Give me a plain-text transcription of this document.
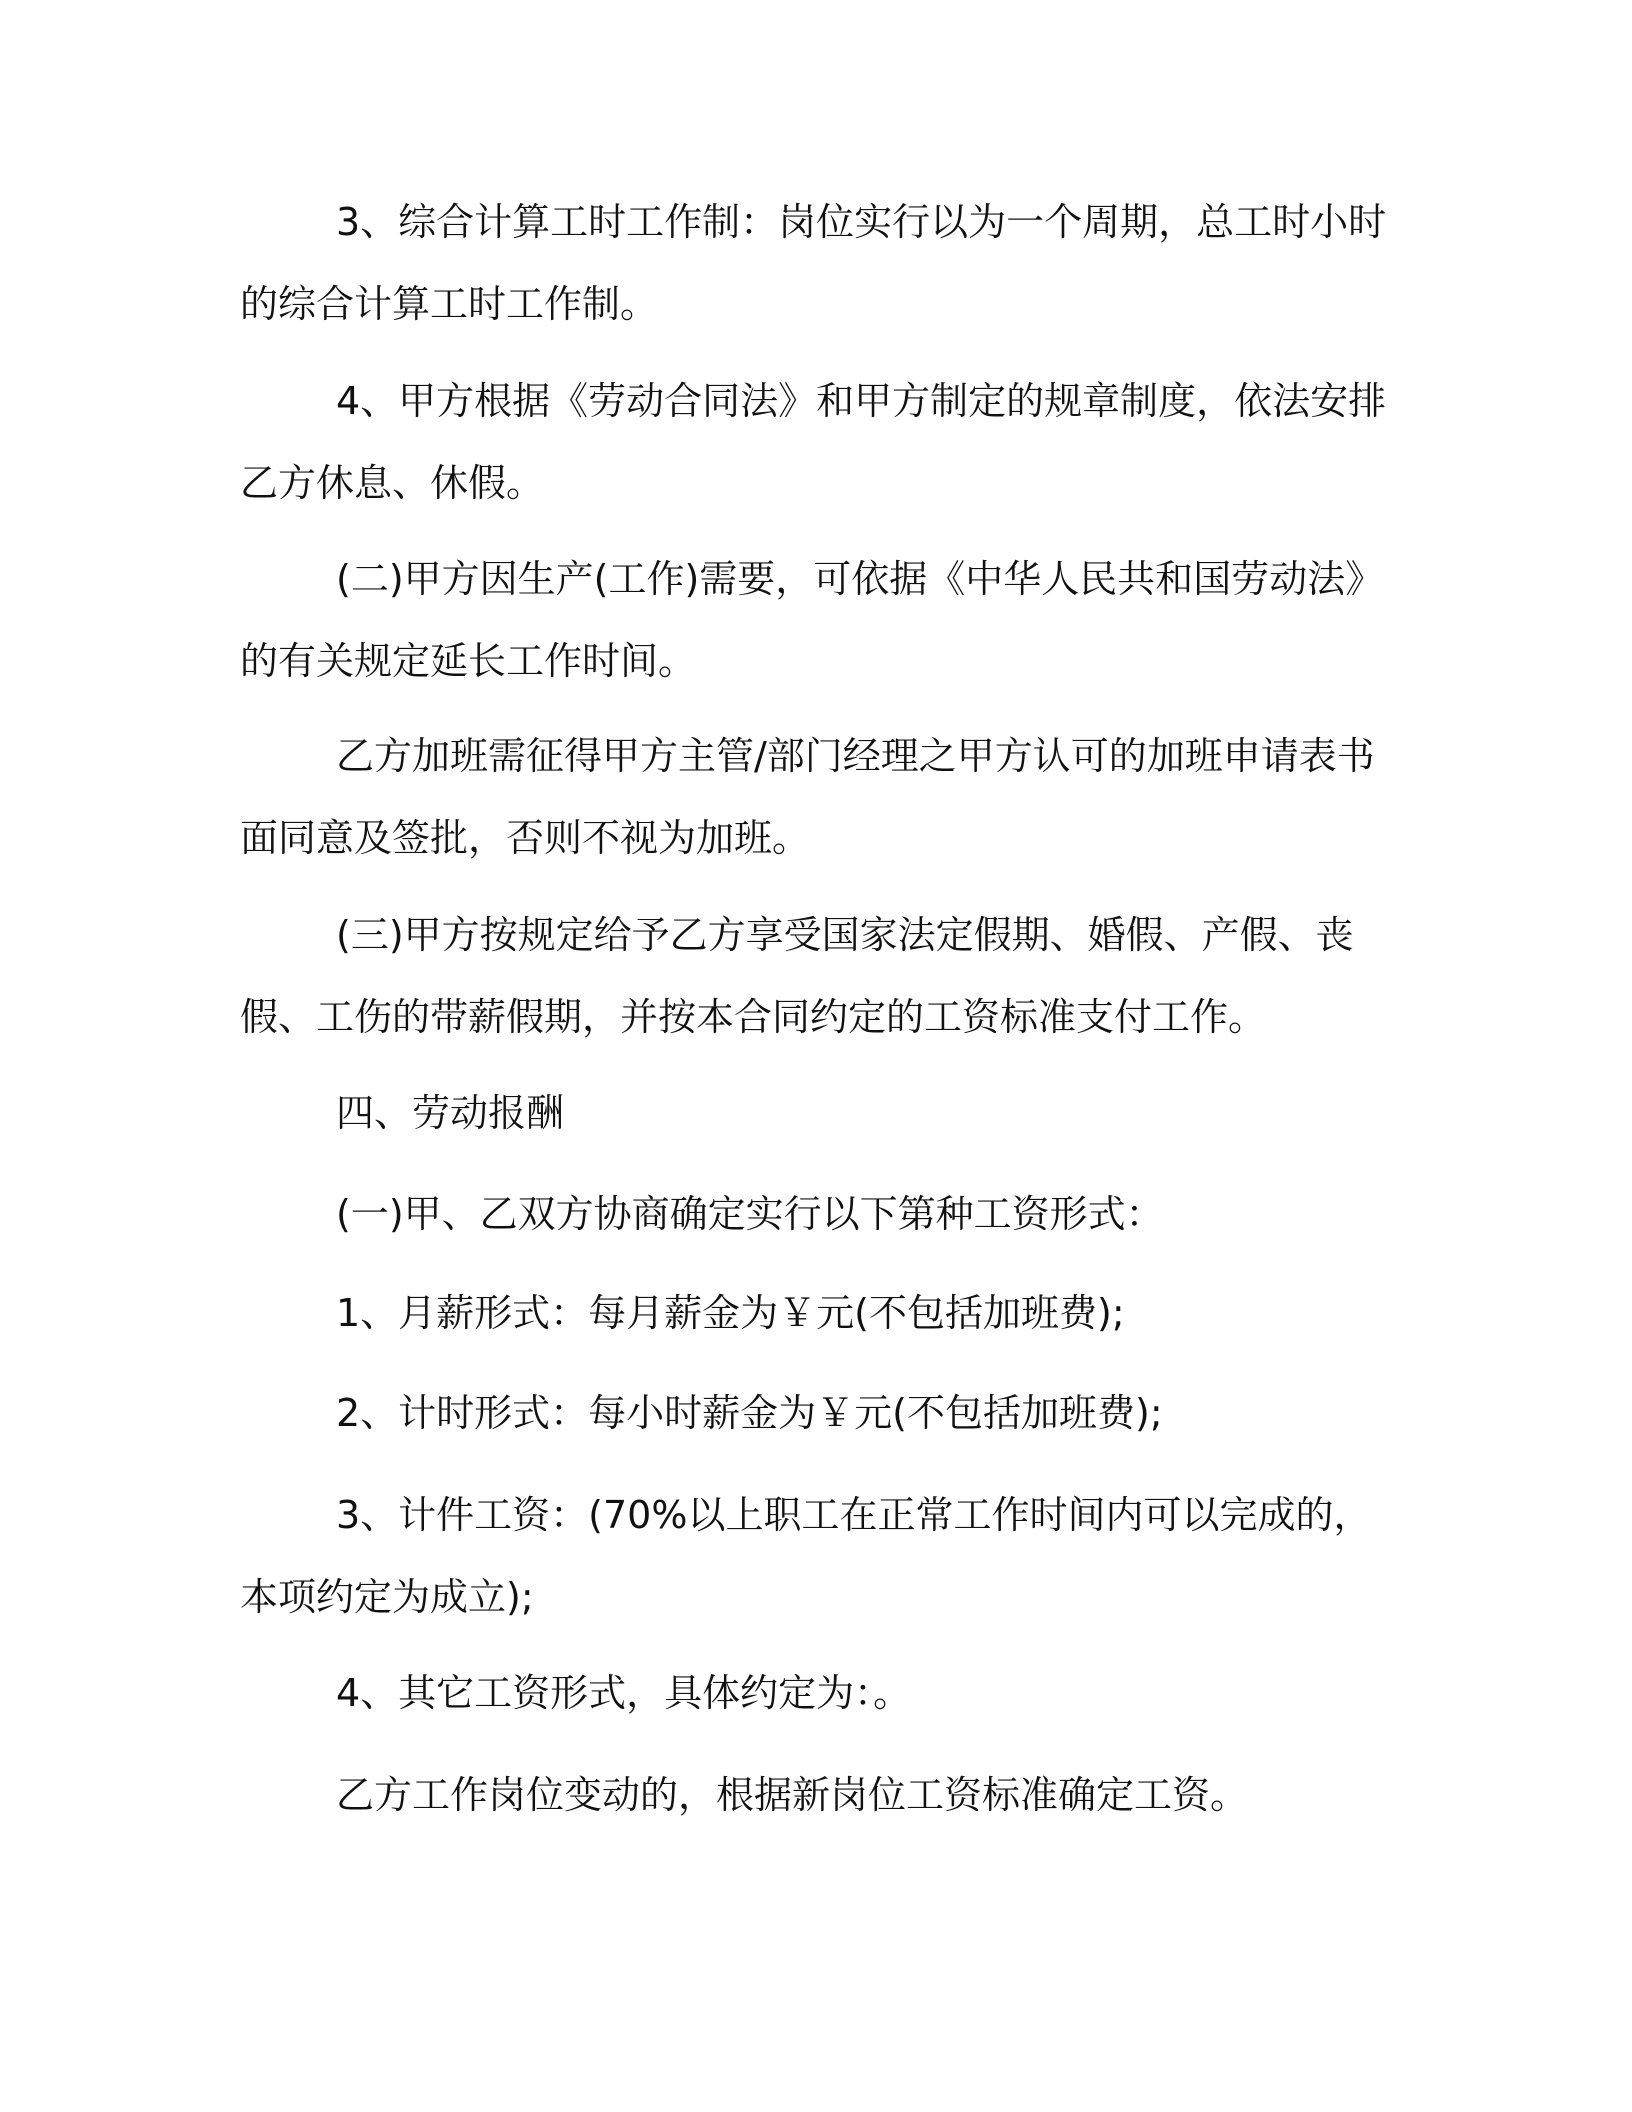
3、综合计算工时工作制：岗位实行以为一个周期，总工时小时的综合计算工时工作制。

4、甲方根据《劳动合同法》和甲方制定的规章制度，依法安排乙方休息、休假。

(二)甲方因生产(工作)需要，可依据《中华人民共和国劳动法》的有关规定延长工作时间。

乙方加班需征得甲方主管/部门经理之甲方认可的加班申请表书面同意及签批，否则不视为加班。

(三)甲方按规定给予乙方享受国家法定假期、婚假、产假、丧假、工伤的带薪假期，并按本合同约定的工资标准支付工作。

四、劳动报酬

(一)甲、乙双方协商确定实行以下第种工资形式：

1、月薪形式：每月薪金为￥元(不包括加班费);

2、计时形式：每小时薪金为￥元(不包括加班费);

3、计件工资：(70%以上职工在正常工作时间内可以完成的，本项约定为成立);

4、其它工资形式，具体约定为：。

乙方工作岗位变动的，根据新岗位工资标准确定工资。
